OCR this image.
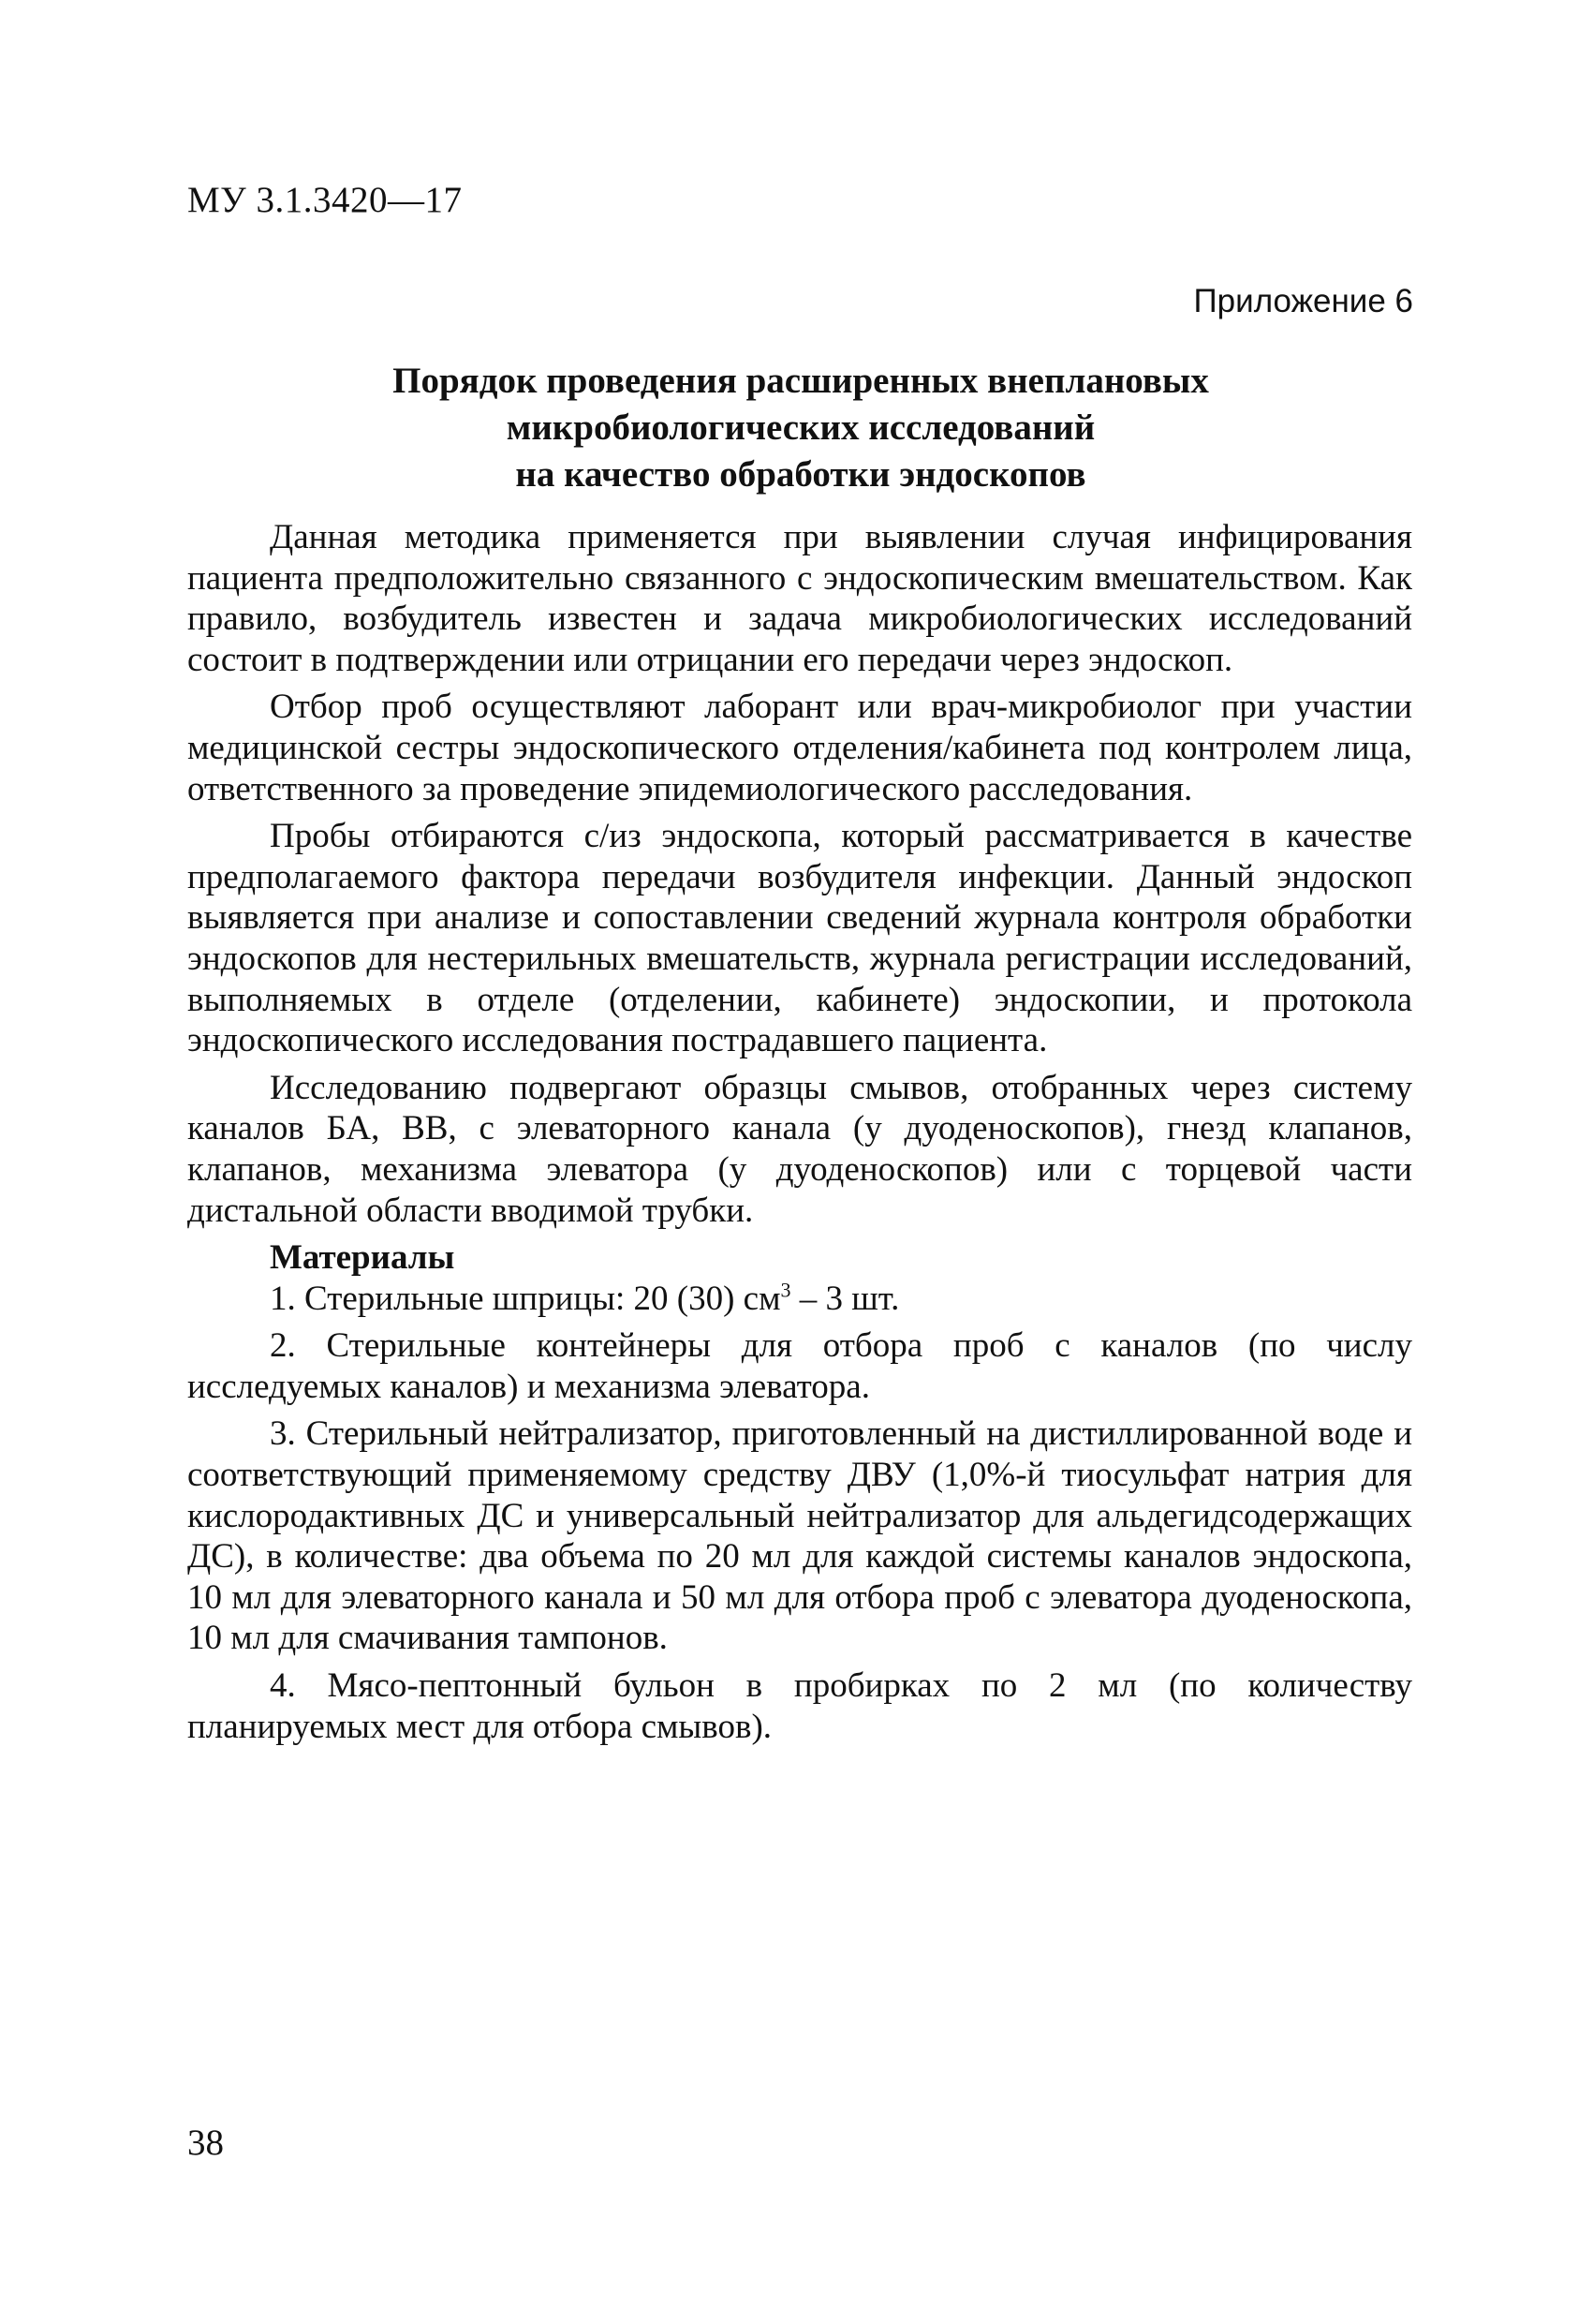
МУ 3.1.3420—17
Приложение 6
Порядок проведения расширенных внеплановых
микробиологических исследований
на качество обработки эндоскопов

Данная методика применяется при выявлении случая инфицирования пациента предположительно связанного с эндоскопическим вмешательством. Как правило, возбудитель известен и задача микробиологических исследований состоит в подтверждении или отрицании его передачи через эндоскоп.

Отбор проб осуществляют лаборант или врач-микробиолог при участии медицинской сестры эндоскопического отделения/кабинета под контролем лица, ответственного за проведение эпидемиологического расследования.

Пробы отбираются с/из эндоскопа, который рассматривается в качестве предполагаемого фактора передачи возбудителя инфекции. Данный эндоскоп выявляется при анализе и сопоставлении сведений журнала контроля обработки эндоскопов для нестерильных вмешательств, журнала регистрации исследований, выполняемых в отделе (отделении, кабинете) эндоскопии, и протокола эндоскопического исследования пострадавшего пациента.

Исследованию подвергают образцы смывов, отобранных через систему каналов БА, ВВ, с элеваторного канала (у дуоденоскопов), гнезд клапанов, клапанов, механизма элеватора (у дуоденоскопов) или с торцевой части дистальной области вводимой трубки.

Материалы

1. Стерильные шприцы: 20 (30) $см^3 - 3$ шт.

2. Стерильные контейнеры для отбора проб с каналов (по числу исследуемых каналов) и механизма элеватора.

3. Стерильный нейтрализатор, приготовленный на дистиллированной воде и соответствующий применяемому средству ДВУ (1,0%-й тиосульфат натрия для кислородактивных ДС и универсальный нейтрализатор для альдегидсодержащих ДС), в количестве: два объема по 20 мл для каждой системы каналов эндоскопа, 10 мл для элеваторного канала и 50 мл для отбора проб с элеватора дуоденоскопа, 10 мл для смачивания тампонов.

4. Мясо-пептонный бульон в пробирках по 2 мл (по количеству планируемых мест для отбора смывов).

38
